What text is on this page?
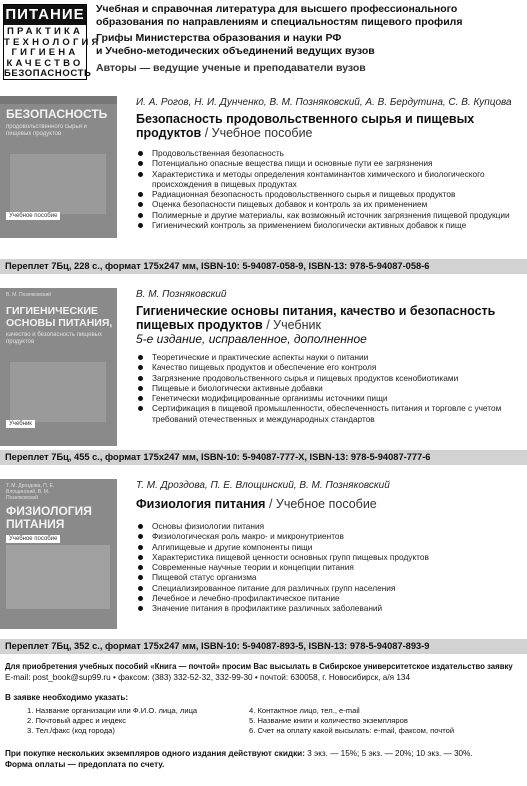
ПИТАНИЕ
ПРАКТИКА
ТЕХНОЛОГИЯ
ГИГИЕНА
КАЧЕСТВО
БЕЗОПАСНОСТЬ
Учебная и справочная литература для высшего профессионального
образования по направлениям и специальностям пищевого профиля
Грифы Министерства образования и науки РФ
и Учебно-методических объединений ведущих вузов
Авторы — ведущие ученые и преподаватели вузов
БЕЗОПАСНОСТЬ
продовольственного сырья и пищевых продуктов
Учебное пособие
И. А. Рогов, Н. И. Дунченко, В. М. Позняковский, А. В. Бердутина, С. В. Купцова
Безопасность продовольственного сырья и пищевых продуктов / Учебное пособие
Продовольственная безопасность
Потенциально опасные вещества пищи и основные пути ее загрязнения
Характеристика и методы определения контаминантов химического и биологического происхождения в пищевых продуктах
Радиационная безопасность продовольственного сырья и пищевых продуктов
Оценка безопасности пищевых добавок и контроль за их применением
Полимерные и другие материалы, как возможный источник загрязнения пищевой продукции
Гигиенический контроль за применением биологически активных добавок к пище
Переплет 7Бц, 228 с., формат 175х247 мм, ISBN-10: 5-94087-058-9, ISBN-13: 978-5-94087-058-6
В. М. Позняковский
ГИГИЕНИЧЕСКИЕ ОСНОВЫ ПИТАНИЯ,
качество и безопасность пищевых продуктов
Учебник
В. М. Позняковский
Гигиенические основы питания, качество и безопасность пищевых продуктов / Учебник
5-е издание, исправленное, дополненное
Теоретические и практические аспекты науки о питании
Качество пищевых продуктов и обеспечение его контроля
Загрязнение продовольственного сырья и пищевых продуктов ксенобиотиками
Пищевые и биологически активные добавки
Генетически модифицированные организмы источники пищи
Сертификация в пищевой промышленности, обеспеченность питания и торговле с учетом требований отечественных и международных стандартов
Переплет 7Бц, 455 с., формат 175х247 мм, ISBN-10: 5-94087-777-X, ISBN-13: 978-5-94087-777-6
Т. М. Дроздова, П. Е. Влощинский, В. М. Позняковский
ФИЗИОЛОГИЯ ПИТАНИЯ
Учебное пособие
Т. М. Дроздова, П. Е. Влощинский, В. М. Позняковский
Физиология питания / Учебное пособие
Основы физиологии питания
Физиологическая роль макро- и микронутриентов
Алгипищевые и другие компоненты пищи
Характеристика пищевой ценности основных групп пищевых продуктов
Современные научные теории и концепции питания
Пищевой статус организма
Специализированное питание для различных групп населения
Лечебное и лечебно-профилактическое питание
Значение питания в профилактике различных заболеваний
Переплет 7Бц, 352 с., формат 175х247 мм, ISBN-10: 5-94087-893-5, ISBN-13: 978-5-94087-893-9
Для приобретения учебных пособий «Книга — почтой» просим Вас высылать в Сибирское университетское издательство заявку
E-mail: post_book@sup99.ru • факсом: (383) 332-52-32, 332-99-30 • почтой: 630058, г. Новосибирск, а/я 134
В заявке необходимо указать:
1. Название организации или Ф.И.О. лица, лица
2. Почтовый адрес и индекс
3. Тел./факс (код города)
4. Контактное лицо, тел., e-mail
5. Название книги и количество экземпляров
6. Счет на оплату какой высылать: e-mail, факсом, почтой
При покупке нескольких экземпляров одного издания действуют скидки: 3 экз. — 15%; 5 экз. — 20%; 10 экз. — 30%.
Форма оплаты — предоплата по счету.
